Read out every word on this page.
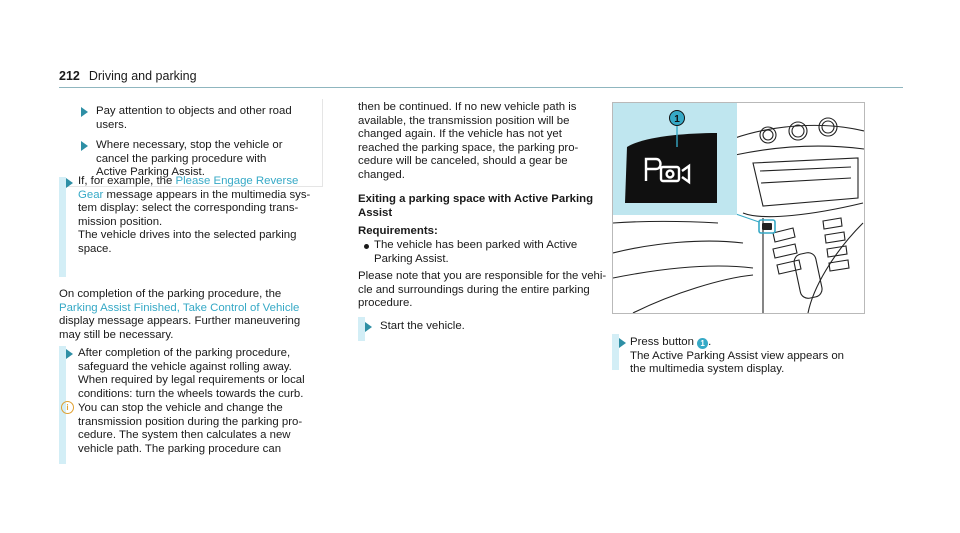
212 Driving and parking

Pay attention to objects and other road

users.

Where necessary, stop the vehicle or

cancel the parking procedure with

Active Parking Assist.

If, for example, the Please Engage Reverse

Gear message appears in the multimedia sys-

tem display: select the corresponding trans-

mission position.

The vehicle drives into the selected parking

space.

On completion of the parking procedure, the

Parking Assist Finished, Take Control of Vehicle

display message appears. Further maneuvering

may still be necessary.

After completion of the parking procedure,

safeguard the vehicle against rolling away.

When required by legal requirements or local

conditions: turn the wheels towards the curb.

i You can stop the vehicle and change the

transmission position during the parking pro-

cedure. The system then calculates a new

vehicle path. The parking procedure can

then be continued. If no new vehicle path is

available, the transmission position will be

changed again. If the vehicle has not yet

reached the parking space, the parking pro-

cedure will be canceled, should a gear be

changed.

Exiting a parking space with Active Parking

Assist

Requirements:

The vehicle has been parked with Active

Parking Assist.

Please note that you are responsible for the vehi-

cle and surroundings during the entire parking

procedure.

Start the vehicle.
1

Press button 1 .

The Active Parking Assist view appears on

the multimedia system display.
